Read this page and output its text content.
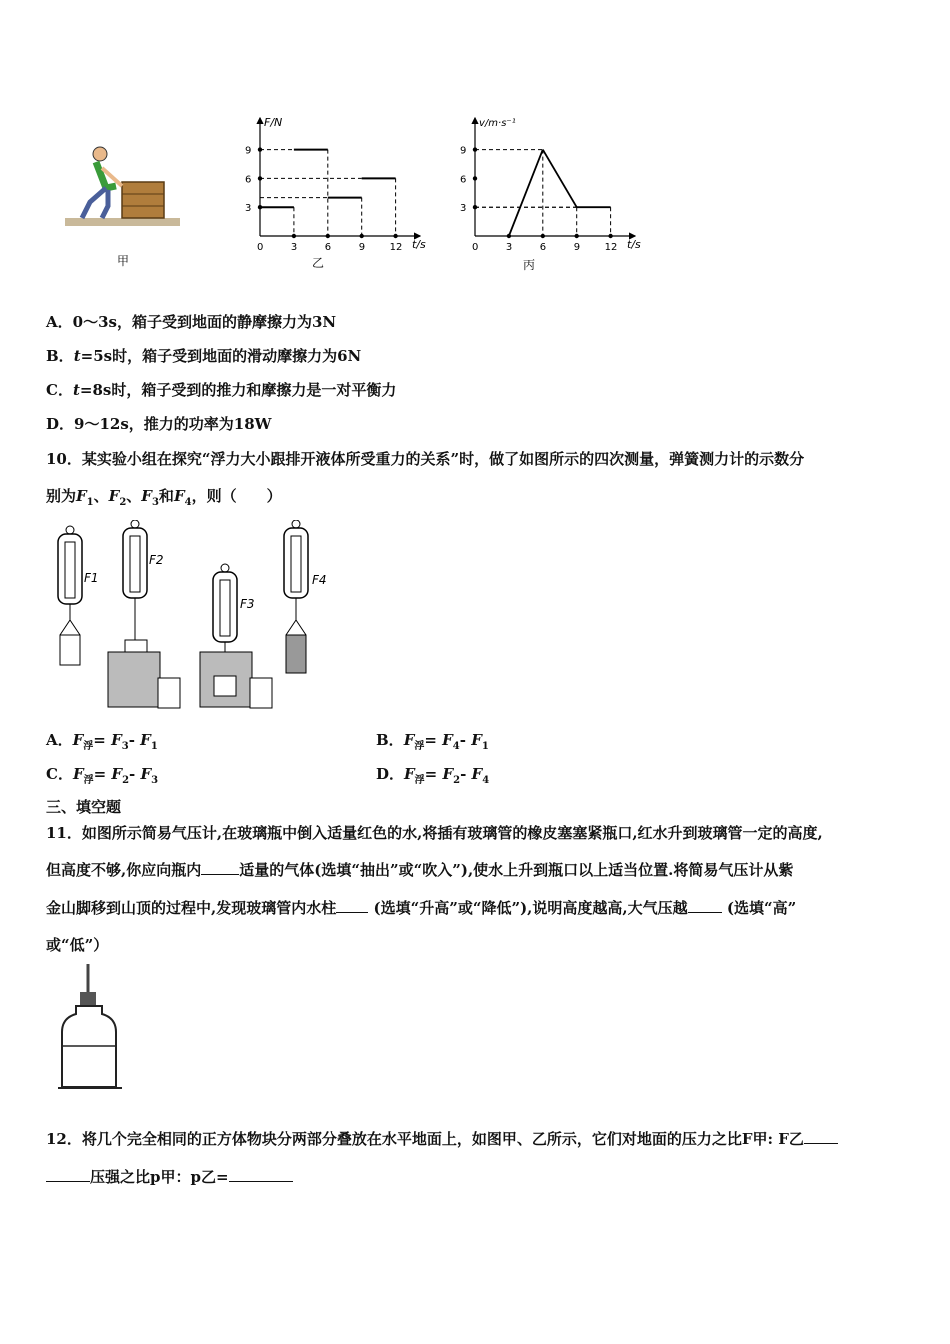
甲
F/N
t/s
0	3	6	9 12
9
6
3
乙
v/m·s⁻¹
t/s
0	3	6	9 12
9
6
3
丙
A．0～3s，箱子受到地面的静摩擦力为3N
B．t=5s时，箱子受到地面的滑动摩擦力为6N
C．t=8s时，箱子受到的推力和摩擦力是一对平衡力
D．9～12s，推力的功率为18W
10．某实验小组在探究“浮力大小跟排开液体所受重力的关系”时，做了如图所示的四次测量，弹簧测力计的示数分
别为$F_1$、$F_2$、$F_3$和$F_4$，则（　　）
F1
F2
F3
F4
A．$F_浮= F_3-$ $F_1$	B．$F_浮= F_4-$ $F_1$
C．$F_浮= F_2-$ $F_3$	D．$F_浮= F_2-$ $F_4$
三、填空题
11．如图所示简易气压计,在玻璃瓶中倒入适量红色的水,将插有玻璃管的橡皮塞塞紧瓶口,红水升到玻璃管一定的高度,
但高度不够,你应向瓶内	适量的气体(选填“抽出”或“吹入”),使水上升到瓶口以上适当位置.将简易气压计从紫
金山脚移到山顶的过程中,发现玻璃管内水柱 (选填“升高”或“降低”),说明高度越高,大气压越	(选填“高”
或“低”）
12．将几个完全相同的正方体物块分两部分叠放在水平地面上，如图甲、乙所示，它们对地面的压力之比F甲: F乙
压强之比p甲：p乙=
